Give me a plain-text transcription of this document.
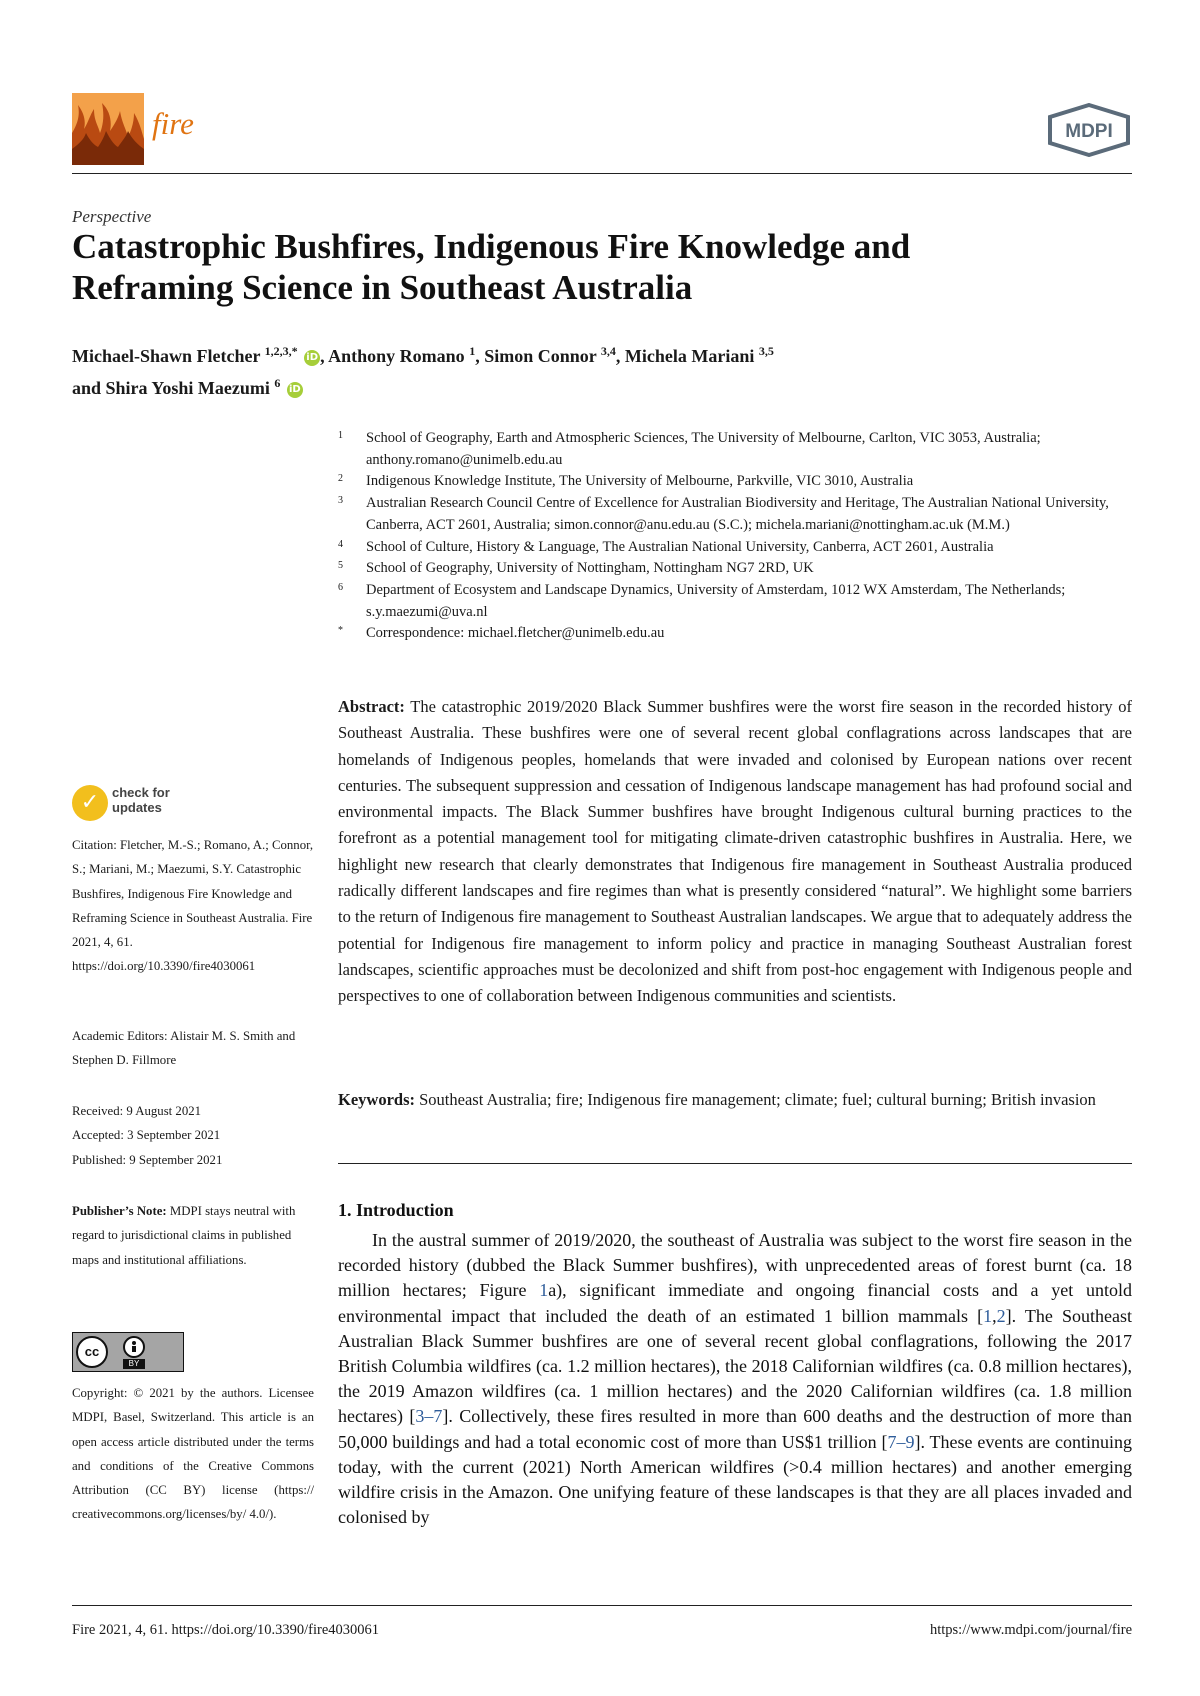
fire	MDPI
Perspective
Catastrophic Bushfires, Indigenous Fire Knowledge and Reframing Science in Southeast Australia
Michael-Shawn Fletcher $^{1,2,3,*}$ iD , Anthony Romano $^1$, Simon Connor $^{3,4}$, Michela Mariani $^{3,5}$
and Shira Yoshi Maezumi $^6$ iD
1 School of Geography, Earth and Atmospheric Sciences, The University of Melbourne, Carlton, VIC 3053, Australia; anthony.romano@unimelb.edu.au
2 Indigenous Knowledge Institute, The University of Melbourne, Parkville, VIC 3010, Australia
3 Australian Research Council Centre of Excellence for Australian Biodiversity and Heritage, The Australian National University, Canberra, ACT 2601, Australia; simon.connor@anu.edu.au (S.C.); michela.mariani@nottingham.ac.uk (M.M.)
4 School of Culture, History & Language, The Australian National University, Canberra, ACT 2601, Australia
5 School of Geography, University of Nottingham, Nottingham NG7 2RD, UK
6 Department of Ecosystem and Landscape Dynamics, University of Amsterdam, 1012 WX Amsterdam, The Netherlands; s.y.maezumi@uva.nl
* Correspondence: michael.fletcher@unimelb.edu.au

Abstract: The catastrophic 2019/2020 Black Summer bushfires were the worst fire season in the recorded history of Southeast Australia. These bushfires were one of several recent global conflagrations across landscapes that are homelands of Indigenous peoples, homelands that were invaded and colonised by European nations over recent centuries. The subsequent suppression and cessation of Indigenous landscape management has had profound social and environmental impacts. The Black Summer bushfires have brought Indigenous cultural burning practices to the forefront as a potential management tool for mitigating climate-driven catastrophic bushfires in Australia. Here, we highlight new research that clearly demonstrates that Indigenous fire management in Southeast Australia produced radically different landscapes and fire regimes than what is presently considered “natural”. We highlight some barriers to the return of Indigenous fire management to Southeast Australian landscapes. We argue that to adequately address the potential for Indigenous fire management to inform policy and practice in managing Southeast Australian forest landscapes, scientific approaches must be decolonized and shift from post-hoc engagement with Indigenous people and perspectives to one of collaboration between Indigenous communities and scientists.

Keywords: Southeast Australia; fire; Indigenous fire management; climate; fuel; cultural burning; British invasion

1. Introduction

In the austral summer of 2019/2020, the southeast of Australia was subject to the worst fire season in the recorded history (dubbed the Black Summer bushfires), with unprecedented areas of forest burnt (ca. 18 million hectares; Figure 1a), significant immediate and ongoing financial costs and a yet untold environmental impact that included the death of an estimated 1 billion mammals [1,2]. The Southeast Australian Black Summer bushfires are one of several recent global conflagrations, following the 2017 British Columbia wildfires (ca. 1.2 million hectares), the 2018 Californian wildfires (ca. 0.8 million hectares), the 2019 Amazon wildfires (ca. 1 million hectares) and the 2020 Californian wildfires (ca. 1.8 million hectares) [3–7]. Collectively, these fires resulted in more than 600 deaths and the destruction of more than 50,000 buildings and had a total economic cost of more than US$1 trillion [7–9]. These events are continuing today, with the current (2021) North American wildfires (>0.4 million hectares) and another emerging wildfire crisis in the Amazon. One unifying feature of these landscapes is that they are all places invaded and colonised by

✓ check for
updates
Citation: Fletcher, M.-S.; Romano, A.; Connor, S.; Mariani, M.; Maezumi, S.Y. Catastrophic Bushfires, Indigenous Fire Knowledge and Reframing Science in Southeast Australia. Fire 2021, 4, 61. https://doi.org/10.3390/fire4030061
Academic Editors: Alistair M. S. Smith and Stephen D. Fillmore
Received: 9 August 2021
Accepted: 3 September 2021
Published: 9 September 2021
Publisher’s Note: MDPI stays neutral with regard to jurisdictional claims in published maps and institutional affiliations.
cc
BY
Copyright: © 2021 by the authors. Licensee MDPI, Basel, Switzerland. This article is an open access article distributed under the terms and conditions of the Creative Commons Attribution (CC BY) license (https:// creativecommons.org/licenses/by/ 4.0/).
Fire 2021, 4, 61. https://doi.org/10.3390/fire4030061	https://www.mdpi.com/journal/fire
